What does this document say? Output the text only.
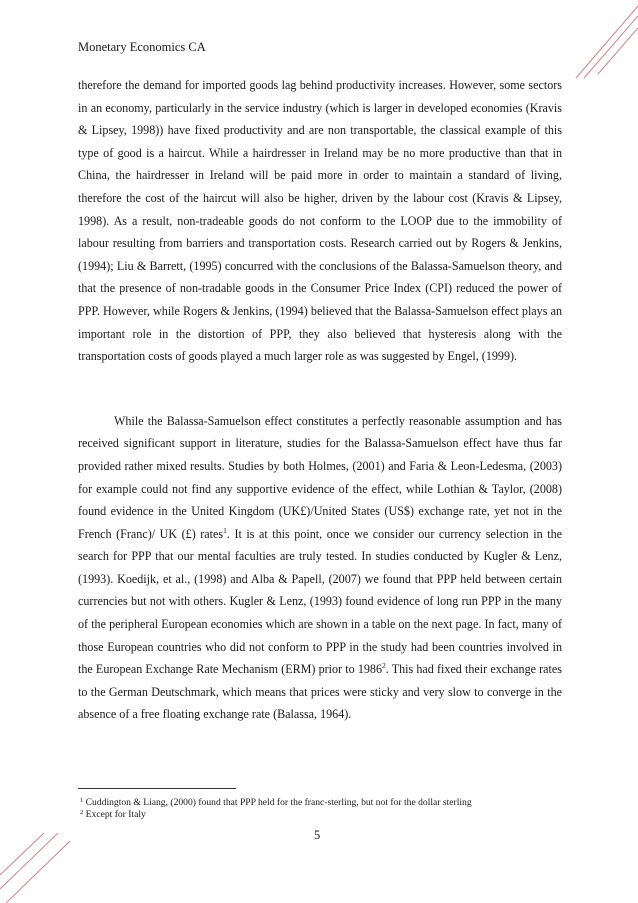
Monetary Economics CA

therefore the demand for imported goods lag behind productivity increases. However, some sectors in an economy, particularly in the service industry (which is larger in developed economies (Kravis & Lipsey, 1998)) have fixed productivity and are non transportable, the classical example of this type of good is a haircut. While a hairdresser in Ireland may be no more productive than that in China, the hairdresser in Ireland will be paid more in order to maintain a standard of living, therefore the cost of the haircut will also be higher, driven by the labour cost (Kravis & Lipsey, 1998). As a result, non-tradeable goods do not conform to the LOOP due to the immobility of labour resulting from barriers and transportation costs. Research carried out by Rogers & Jenkins, (1994); Liu & Barrett, (1995) concurred with the conclusions of the Balassa-Samuelson theory, and that the presence of non-tradable goods in the Consumer Price Index (CPI) reduced the power of PPP. However, while Rogers & Jenkins, (1994) believed that the Balassa-Samuelson effect plays an important role in the distortion of PPP, they also believed that hysteresis along with the transportation costs of goods played a much larger role as was suggested by Engel, (1999).

While the Balassa-Samuelson effect constitutes a perfectly reasonable assumption and has received significant support in literature, studies for the Balassa-Samuelson effect have thus far provided rather mixed results. Studies by both Holmes, (2001) and Faria & Leon-Ledesma, (2003) for example could not find any supportive evidence of the effect, while Lothian & Taylor, (2008) found evidence in the United Kingdom (UK£)/United States (US$) exchange rate, yet not in the French (Franc)/ UK (£) rates$^1$. It is at this point, once we consider our currency selection in the search for PPP that our mental faculties are truly tested. In studies conducted by Kugler & Lenz, (1993). Koedijk, et al., (1998) and Alba & Papell, (2007) we found that PPP held between certain currencies but not with others. Kugler & Lenz, (1993) found evidence of long run PPP in the many of the peripheral European economies which are shown in a table on the next page. In fact, many of those European countries who did not conform to PPP in the study had been countries involved in the European Exchange Rate Mechanism (ERM) prior to 1986$^2$. This had fixed their exchange rates to the German Deutschmark, which means that prices were sticky and very slow to converge in the absence of a free floating exchange rate (Balassa, 1964).

$^1$ Cuddington & Liang, (2000) found that PPP held for the franc-sterling, but not for the dollar sterling
$^2$ Except for Italy
5
